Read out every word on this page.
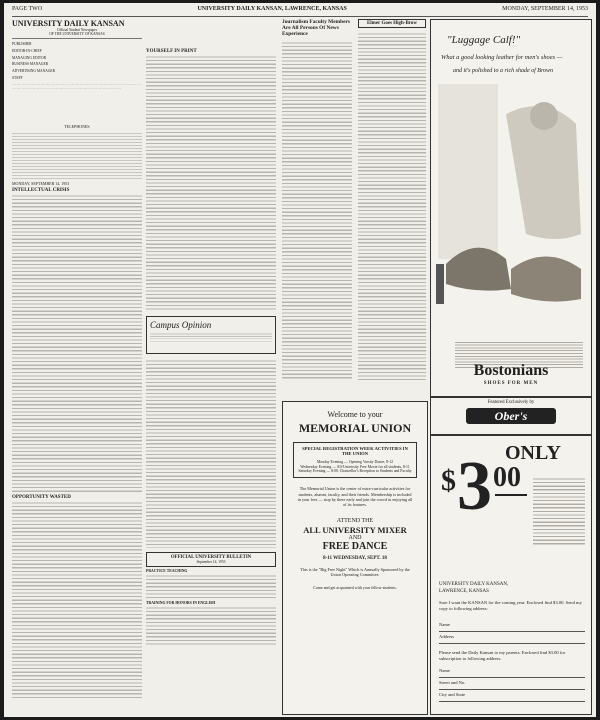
PAGE TWO	UNIVERSITY DAILY KANSAN, LAWRENCE, KANSAS	MONDAY, SEPTEMBER 14, 1953
UNIVERSITY DAILY KANSAN
Official Student Newspaper
OF THE UNIVERSITY OF KANSAS
PUBLISHER
EDITOR-IN-CHIEF
MANAGING EDITOR
BUSINESS MANAGER
ADVERTISING MANAGER
STAFF
..... ..... ..... ..... ..... ..... ..... ..... ..... ..... ..... ..... ..... ..... ..... ..... ..... ..... ..... ..... ..... ..... ..... ..... ..... ..... ..... ..... ..... ..... ..... ..... ..... ..... ..... ..... ..... ..... ..... ..... ..... ..... ..... ..... ..... ..... ..... ..... ..... .....
TELEPHONES
MONDAY, SEPTEMBER 14, 1953
INTELLECTUAL CRISIS
OPPORTUNITY WASTED
YOURSELF IN PRINT
Campus Opinion
OFFICIAL UNIVERSITY BULLETIN
September 14, 1953
PRACTICE TEACHING
TRAINING FOR HONORS IN ENGLISH
Journalism Faculty Members Are All Persons Of News Experience
Elmer Goes High-Brow
"Luggage Calf!"
What a good looking leather for men's shoes —
and it's polished to a rich shade of Brown
Bostonians
SHOES FOR MEN
Featured Exclusively by
Ober's
Welcome to your
MEMORIAL UNION
SPECIAL REGISTRATION WEEK ACTIVITIES IN THE UNION
Monday Evening — Opening Varsity Dance, 8-12
Wednesday Evening — All-University Free Movie for all students, 8-11
Saturday Evening — 8:00, Chancellor's Reception to Students and Faculty
The Memorial Union is the center of extra-curricular activities for students, alumni, faculty, and their friends. Membership is included in your fees — stop by there early and join the crowd in enjoying all of its features.
ATTEND THE
ALL UNIVERSITY MIXER
AND
FREE DANCE
8-11 WEDNESDAY, SEPT. 18
This is the "Big Free Night" Which is Annually Sponsored by the Union Operating Committee.
Come and get acquainted with your fellow-students.
ONLY
$ 3 00
UNIVERSITY DAILY KANSAN,
LAWRENCE, KANSAS
Sure I want the KANSAN for the coming year. Enclosed find $3.00. Send my copy to following address:
Name
Address
Please send the Daily Kansan to my parents. Enclosed find $3.00 for subscription to following address:
Name
Street and No.
City and State
